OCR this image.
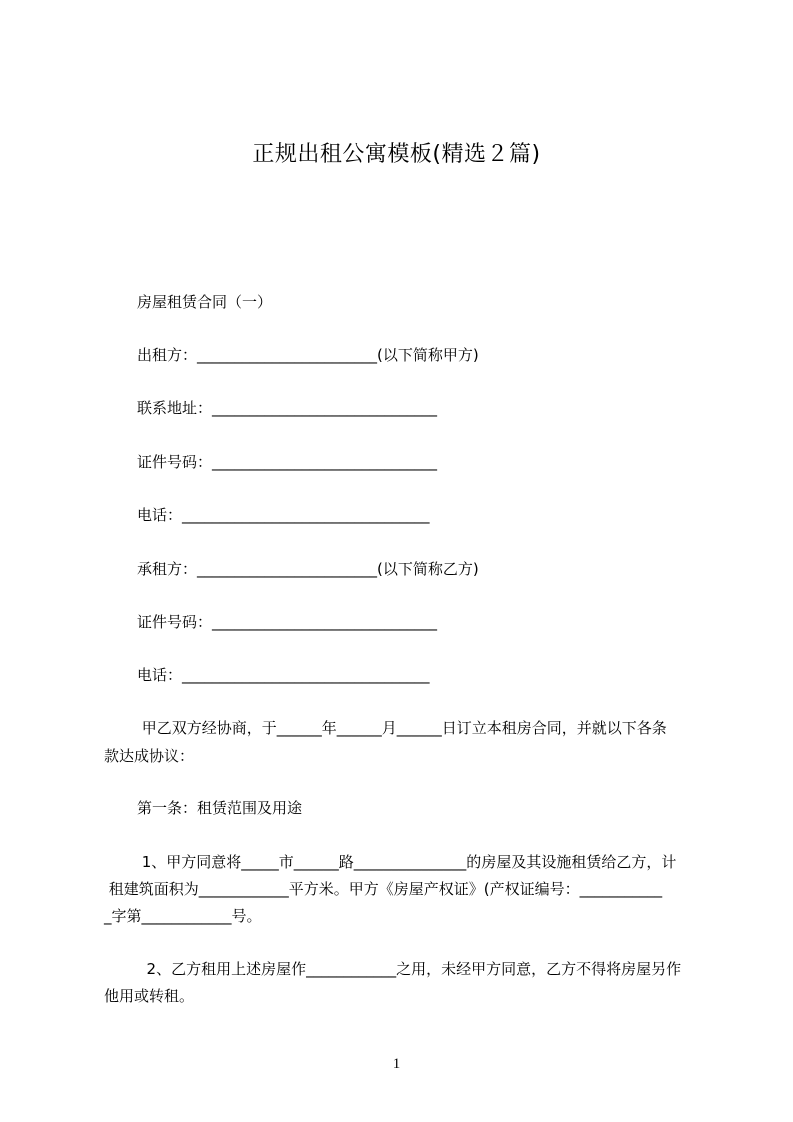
正规出租公寓模板(精选２篇)
房屋租赁合同（一）
出租方：________________________(以下简称甲方)
联系地址：______________________________
证件号码：______________________________
电话：_________________________________
承租方：________________________(以下简称乙方)
证件号码：______________________________
电话：_________________________________
甲乙双方经协商，于______年______月______日订立本租房合同，并就以下各条
款达成协议：
第一条：租赁范围及用途
1、甲方同意将_____市______路_______________的房屋及其设施租赁给乙方，计
租建筑面积为____________平方米。甲方《房屋产权证》(产权证编号：___________
_字第____________号。
2、乙方租用上述房屋作____________之用，未经甲方同意，乙方不得将房屋另作
他用或转租。
1
